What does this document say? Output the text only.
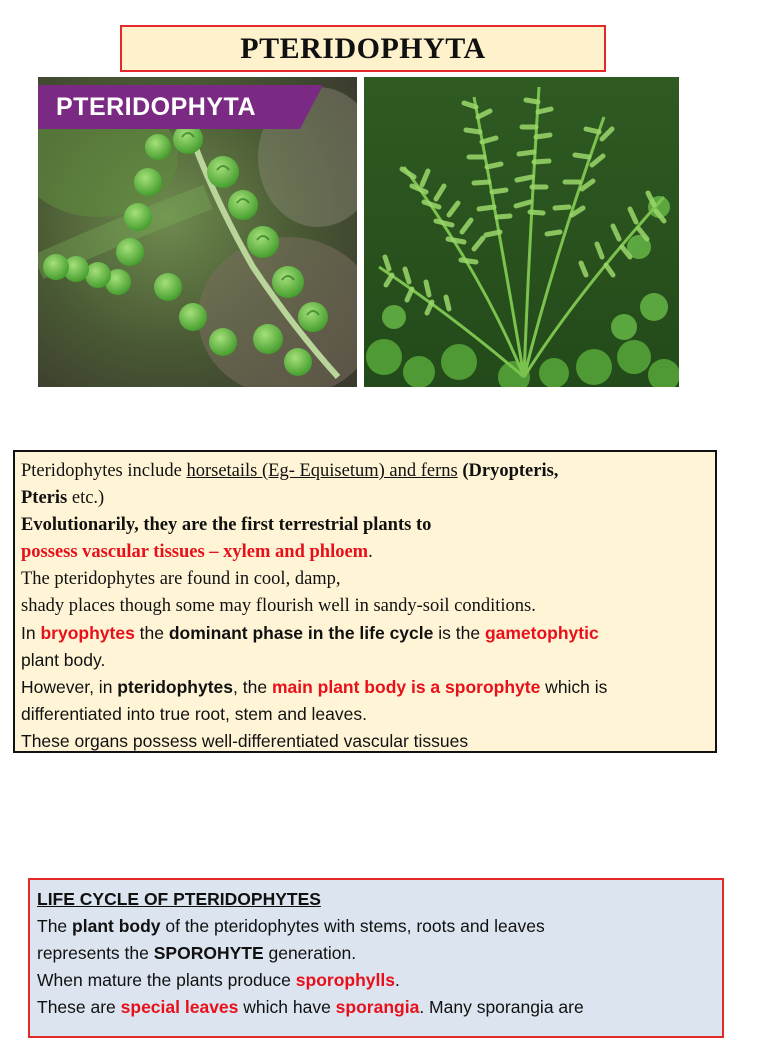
PTERIDOPHYTA
PTERIDOPHYTA
Pteridophytes include horsetails (Eg- Equisetum) and ferns (Dryopteris,
Pteris etc.)
Evolutionarily, they are the first terrestrial plants to
possess vascular tissues – xylem and phloem.
The pteridophytes are found in cool, damp,
shady places though some may flourish well in sandy-soil conditions.
In bryophytes the dominant phase in the life cycle is the gametophytic
plant body.
However, in pteridophytes, the main plant body is a sporophyte which is
differentiated into true root, stem and leaves.
These organs possess well-differentiated vascular tissues
LIFE CYCLE OF PTERIDOPHYTES
The plant body of the pteridophytes with stems, roots and leaves
represents the SPOROHYTE generation.
When mature the plants produce sporophylls.
These are special leaves which have sporangia. Many sporangia are
